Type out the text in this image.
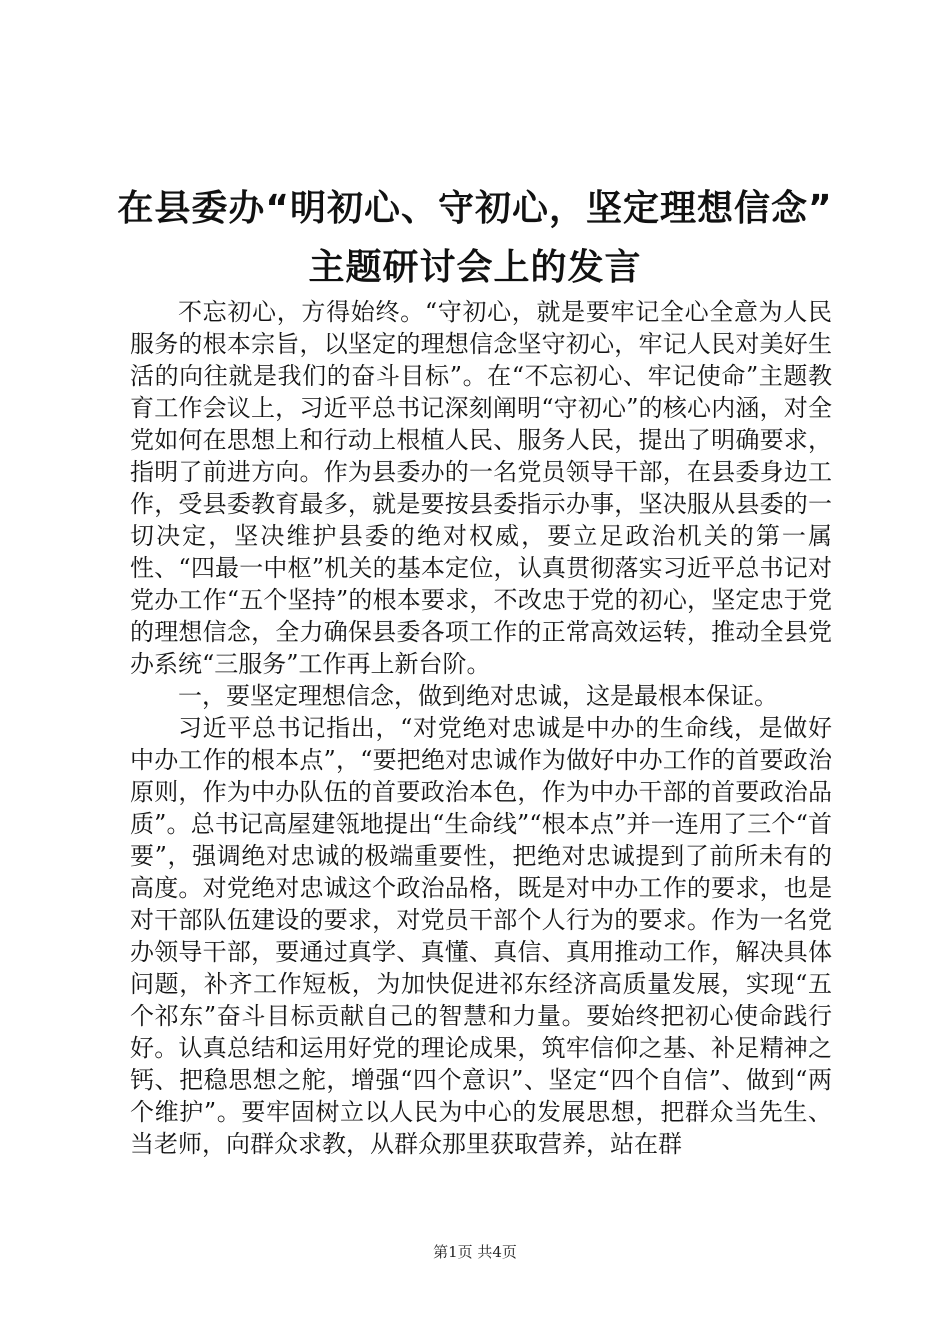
在县委办“明初心、守初心，坚定理想信念”
主题研讨会上的发言

不忘初心，方得始终。“守初心，就是要牢记全心全意为人民服务的根本宗旨，以坚定的理想信念坚守初心，牢记人民对美好生活的向往就是我们的奋斗目标”。在“不忘初心、牢记使命”主题教育工作会议上，习近平总书记深刻阐明“守初心”的核心内涵，对全党如何在思想上和行动上根植人民、服务人民，提出了明确要求，指明了前进方向。作为县委办的一名党员领导干部，在县委身边工作，受县委教育最多，就是要按县委指示办事，坚决服从县委的一切决定，坚决维护县委的绝对权威，要立足政治机关的第一属性、“四最一中枢”机关的基本定位，认真贯彻落实习近平总书记对党办工作“五个坚持”的根本要求，不改忠于党的初心，坚定忠于党的理想信念，全力确保县委各项工作的正常高效运转，推动全县党办系统“三服务”工作再上新台阶。

一，要坚定理想信念，做到绝对忠诚，这是最根本保证。

习近平总书记指出，“对党绝对忠诚是中办的生命线，是做好中办工作的根本点”，“要把绝对忠诚作为做好中办工作的首要政治原则，作为中办队伍的首要政治本色，作为中办干部的首要政治品质”。总书记高屋建瓴地提出“生命线”“根本点”并一连用了三个“首要”，强调绝对忠诚的极端重要性，把绝对忠诚提到了前所未有的高度。对党绝对忠诚这个政治品格，既是对中办工作的要求，也是对干部队伍建设的要求，对党员干部个人行为的要求。作为一名党办领导干部，要通过真学、真懂、真信、真用推动工作，解决具体问题，补齐工作短板，为加快促进祁东经济高质量发展，实现“五个祁东”奋斗目标贡献自己的智慧和力量。要始终把初心使命践行好。认真总结和运用好党的理论成果，筑牢信仰之基、补足精神之钙、把稳思想之舵，增强“四个意识”、坚定“四个自信”、做到“两个维护”。要牢固树立以人民为中心的发展思想，把群众当先生、当老师，向群众求教，从群众那里获取营养，站在群

第1页 共4页
